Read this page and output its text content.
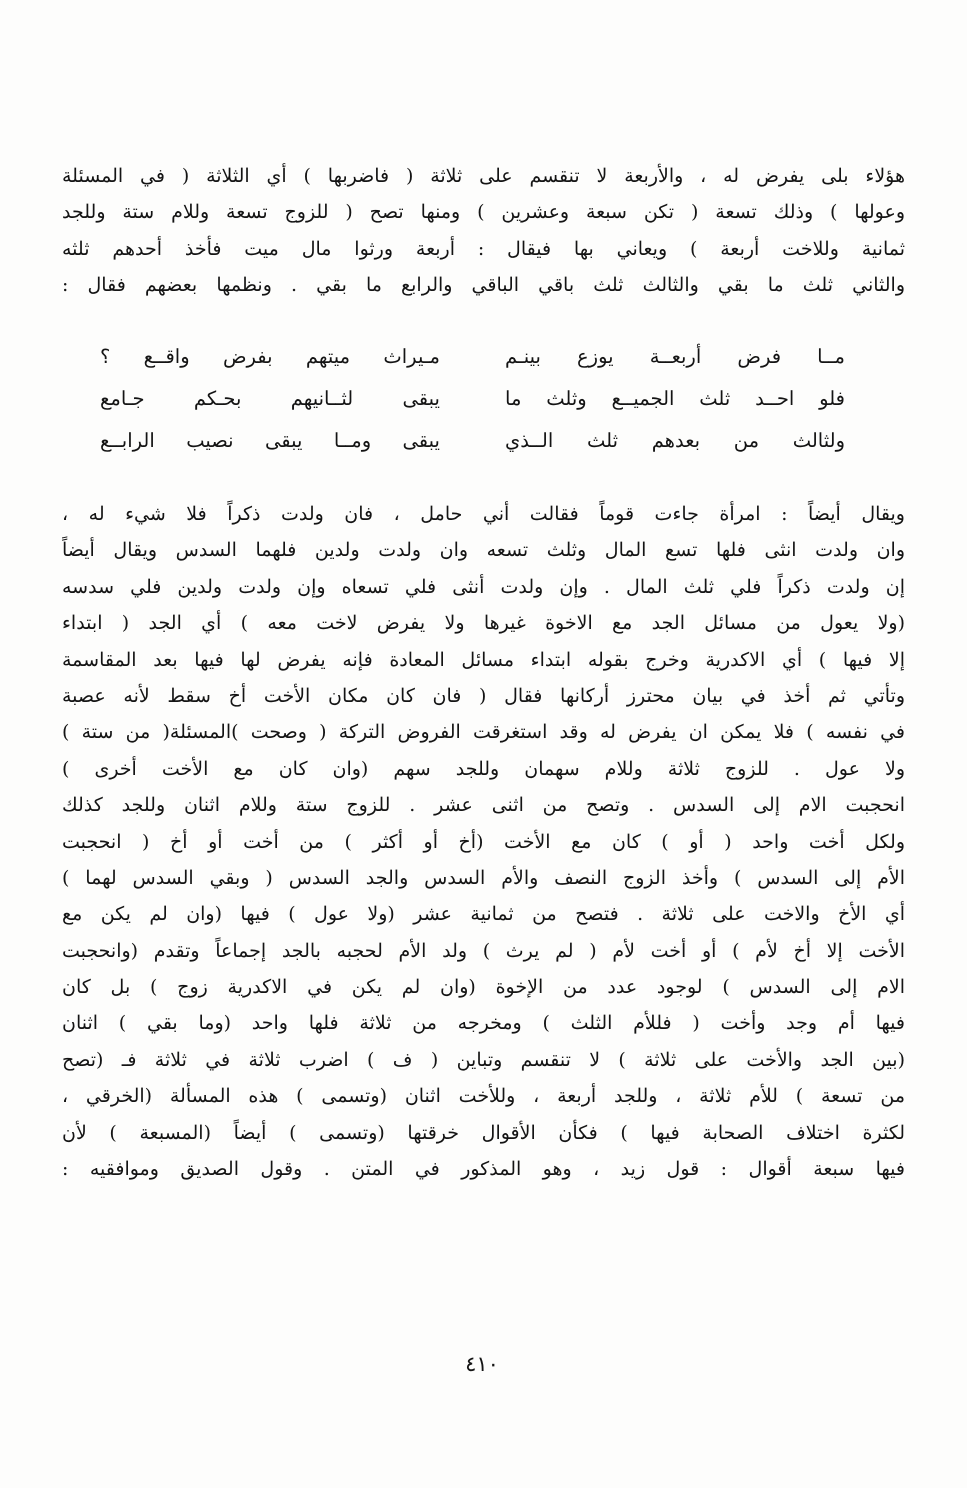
هؤلاء بلى يفرض له ، والأربعة لا تنقسم على ثلاثة ( فاضربها ) أي الثلاثة ( في المسئلة
وعولها ) وذلك تسعة ( تكن سبعة وعشرين ) ومنها تصح ( للزوج تسعة وللام ستة وللجد
ثمانية وللاخت أربعة ) ويعاني بها فيقال : أربعة ورثوا مال ميت فأخذ أحدهم ثلثه
والثاني ثلث ما بقي والثالث ثلث باقي الباقي والرابع ما بقي . ونظمها بعضهم فقال :
مــا فرض أربعــة يوزع بينـم
مـيراث ميتهم بفرض واقــع ؟
فلو احــد ثلث الجميــع وثلث ما
يبقى لثــانيهم بحـكم جـامع
ولثالث من بعدهم ثلث الــذي
يبقى ومــا يبقى نصيب الرابــع
ويقال أيضاً : امرأة جاءت قوماً فقالت أني حامل ، فان ولدت ذكراً فلا شيء له ،
وان ولدت انثى فلها تسع المال وثلث تسعه وان ولدت ولدين فلهما السدس ويقال أيضاً
إن ولدت ذكراً فلي ثلث المال . وإن ولدت أنثى فلي تسعاه وإن ولدت ولدين فلي سدسه
(ولا يعول من مسائل الجد مع الاخوة غيرها ولا يفرض لاخت معه ) أي الجد ( ابتداء
إلا فيها ) أي الاكدرية وخرج بقوله ابتداء مسائل المعادة فإنه يفرض لها فيها بعد المقاسمة
وتأتي ثم أخذ في بيان محترز أركانها فقال ( فان كان مكان الأخت أخ سقط لأنه عصبة
في نفسه ) فلا يمكن ان يفرض له وقد استغرقت الفروض التركة ( وصحت )المسئلة( من ستة )
ولا عول . للزوج ثلاثة وللام سهمان وللجد سهم (وان كان مع الأخت أخرى )
انحجبت الام إلى السدس . وتصح من اثنى عشر . للزوج ستة وللام اثنان وللجد كذلك
ولكل أخت واحد ( أو ) كان مع الأخت (أخ أو أكثر ) من أخت أو أخ ( انحجبت
الأم إلى السدس ) وأخذ الزوج النصف والأم السدس والجد السدس ( وبقي السدس لهما )
أي الأخ والاخت على ثلاثة . فتصح من ثمانية عشر (ولا عول ) فيها (وان لم يكن مع
الأخت إلا أخ لأم ) أو أخت لأم ( لم يرث ) ولد الأم لحجبه بالجد إجماعاً وتقدم (وانحجبت
الام إلى السدس ) لوجود عدد من الإخوة (وان لم يكن في الاكدرية زوج ) بل كان
فيها أم وجد وأخت ( فللأم الثلث ) ومخرجه من ثلاثة فلها واحد (وما بقي ) اثنان
(بين الجد والأخت على ثلاثة ) لا تنقسم وتباين ( ف ) اضرب ثلاثة في ثلاثة فـ (تصح
من تسعة ) للأم ثلاثة ، وللجد أربعة ، وللأخت اثنان (وتسمى ) هذه المسألة (الخرقي ،
لكثرة اختلاف الصحابة فيها ) فكأن الأقوال خرقتها (وتسمى ) أيضاً (المسبعة ) لأن
فيها سبعة أقوال : قول زيد ، وهو المذكور في المتن . وقول الصديق وموافقيه :
٤١٠
